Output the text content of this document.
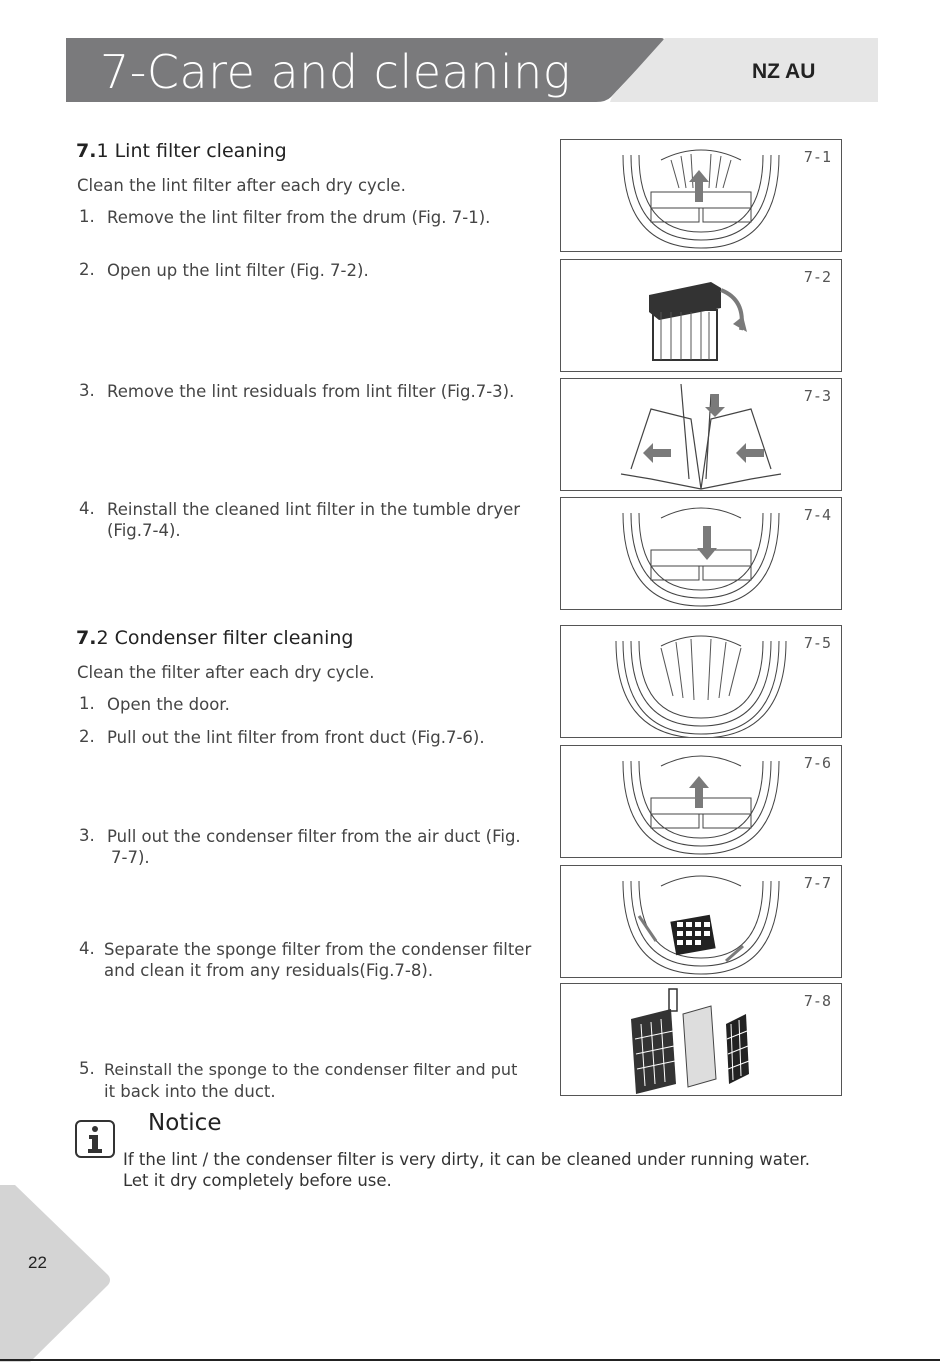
7-Care and cleaning	NZ AU
7.1 Lint filter cleaning
Clean the lint filter after each dry cycle.
1. Remove the lint filter from the drum (Fig. 7-1).
2. Open up the lint filter (Fig. 7-2).
3. Remove the lint residuals from lint filter (Fig.7-3).
4. Reinstall the cleaned lint filter in the tumble dryer
(Fig.7-4).
7.2 Condenser filter cleaning
Clean the filter after each dry cycle.
1. Open the door.
2. Pull out the lint filter from front duct (Fig.7-6).
3. Pull out the condenser filter from the air duct (Fig.
7-7).
4. Separate the sponge filter from the condenser filter
and clean it from any residuals(Fig.7-8).
5. Reinstall the sponge to the condenser filter and put
it back into the duct.
7-1
7-2
7-3
7-4
7-5
7-6
7-7
7-8
Notice
If the lint / the condenser filter is very dirty, it can be cleaned under running water.
Let it dry completely before use.
22
